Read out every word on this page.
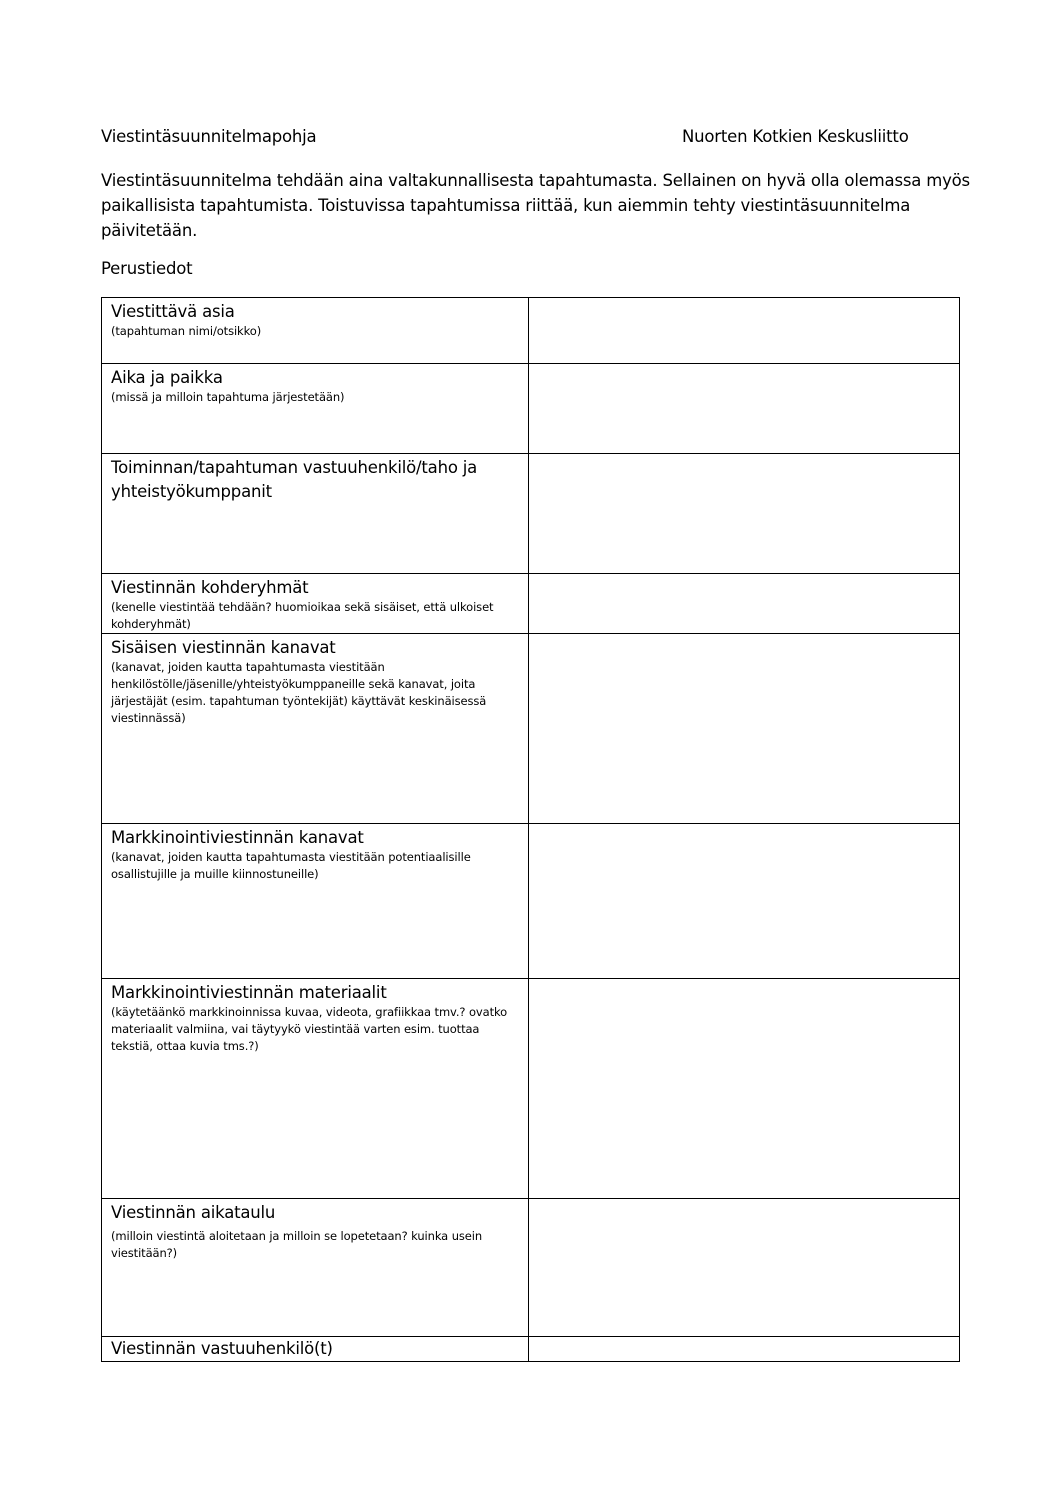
Viestintäsuunnitelmapohja	Nuorten Kotkien Keskusliitto

Viestintäsuunnitelma tehdään aina valtakunnallisesta tapahtumasta. Sellainen on hyvä olla olemassa myös paikallisista tapahtumista. Toistuvissa tapahtumissa riittää, kun aiemmin tehty viestintäsuunnitelma päivitetään.

Perustiedot
Viestittävä asia
(tapahtuman nimi/otsikko)	

Aika ja paikka
(missä ja milloin tapahtuma järjestetään)	

Toiminnan/tapahtuman vastuuhenkilö/taho ja yhteistyökumppanit	

Viestinnän kohderyhmät
(kenelle viestintää tehdään? huomioikaa sekä sisäiset, että ulkoiset kohderyhmät)	

Sisäisen viestinnän kanavat
(kanavat, joiden kautta tapahtumasta viestitään henkilöstölle/jäsenille/yhteistyökumppaneille sekä kanavat, joita järjestäjät (esim. tapahtuman työntekijät) käyttävät keskinäisessä viestinnässä)	

Markkinointiviestinnän kanavat
(kanavat, joiden kautta tapahtumasta viestitään potentiaalisille osallistujille ja muille kiinnostuneille)	

Markkinointiviestinnän materiaalit
(käytetäänkö markkinoinnissa kuvaa, videota, grafiikkaa tmv.? ovatko materiaalit valmiina, vai täytyykö viestintää varten esim. tuottaa tekstiä, ottaa kuvia tms.?)	

Viestinnän aikataulu
(milloin viestintä aloitetaan ja milloin se lopetetaan? kuinka usein viestitään?)	

Viestinnän vastuuhenkilö(t)	
